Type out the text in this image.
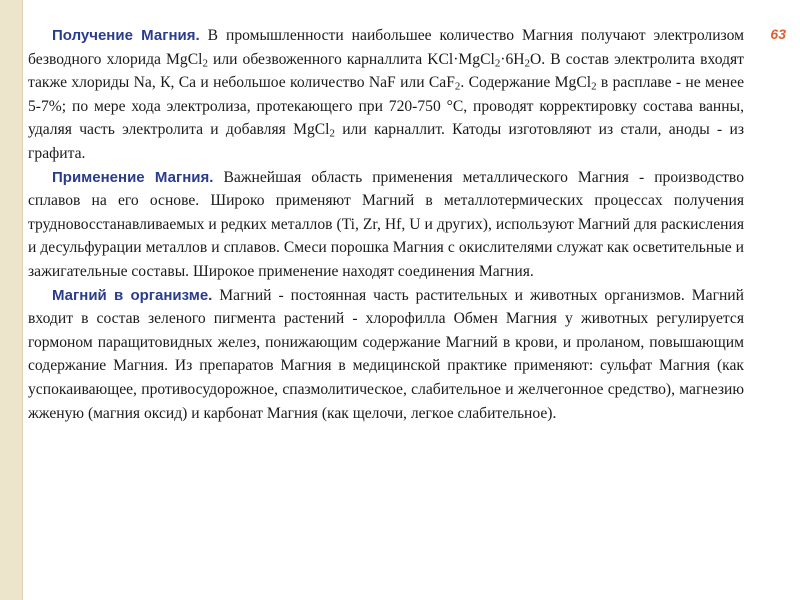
63

Получение Магния. В промышленности наибольшее количество Магния получают электролизом безводного хлорида MgCl$_2$ или обезвоженного карналлита $KCl\cdot MgCl_2\cdot 6H_2O$. В состав электролита входят также хлориды Na, К, Са и небольшое количество NaF или CaF$_2$. Содержание MgCl$_2$ в расплаве - не менее 5-7%; по мере хода электролиза, протекающего при 720-750 °С, проводят корректировку состава ванны, удаляя часть электролита и добавляя MgCl$_2$ или карналлит. Катоды изготовляют из стали, аноды - из графита.

Применение Магния. Важнейшая область применения металлического Магния - производство сплавов на его основе. Широко применяют Магний в металлотермических процессах получения трудновосстанавливаемых и редких металлов (Ti, Zr, Hf, U и других), используют Магний для раскисления и десульфурации металлов и сплавов. Смеси порошка Магния с окислителями служат как осветительные и зажигательные составы. Широкое применение находят соединения Магния.

Магний в организме. Магний - постоянная часть растительных и животных организмов. Магний входит в состав зеленого пигмента растений - хлорофилла Обмен Магния у животных регулируется гормоном паращитовидных желез, понижающим содержание Магний в крови, и проланом, повышающим содержание Магния. Из препаратов Магния в медицинской практике применяют: сульфат Магния (как успокаивающее, противосудорожное, спазмолитическое, слабительное и желчегонное средство), магнезию жженую (магния оксид) и карбонат Магния (как щелочи, легкое слабительное).
